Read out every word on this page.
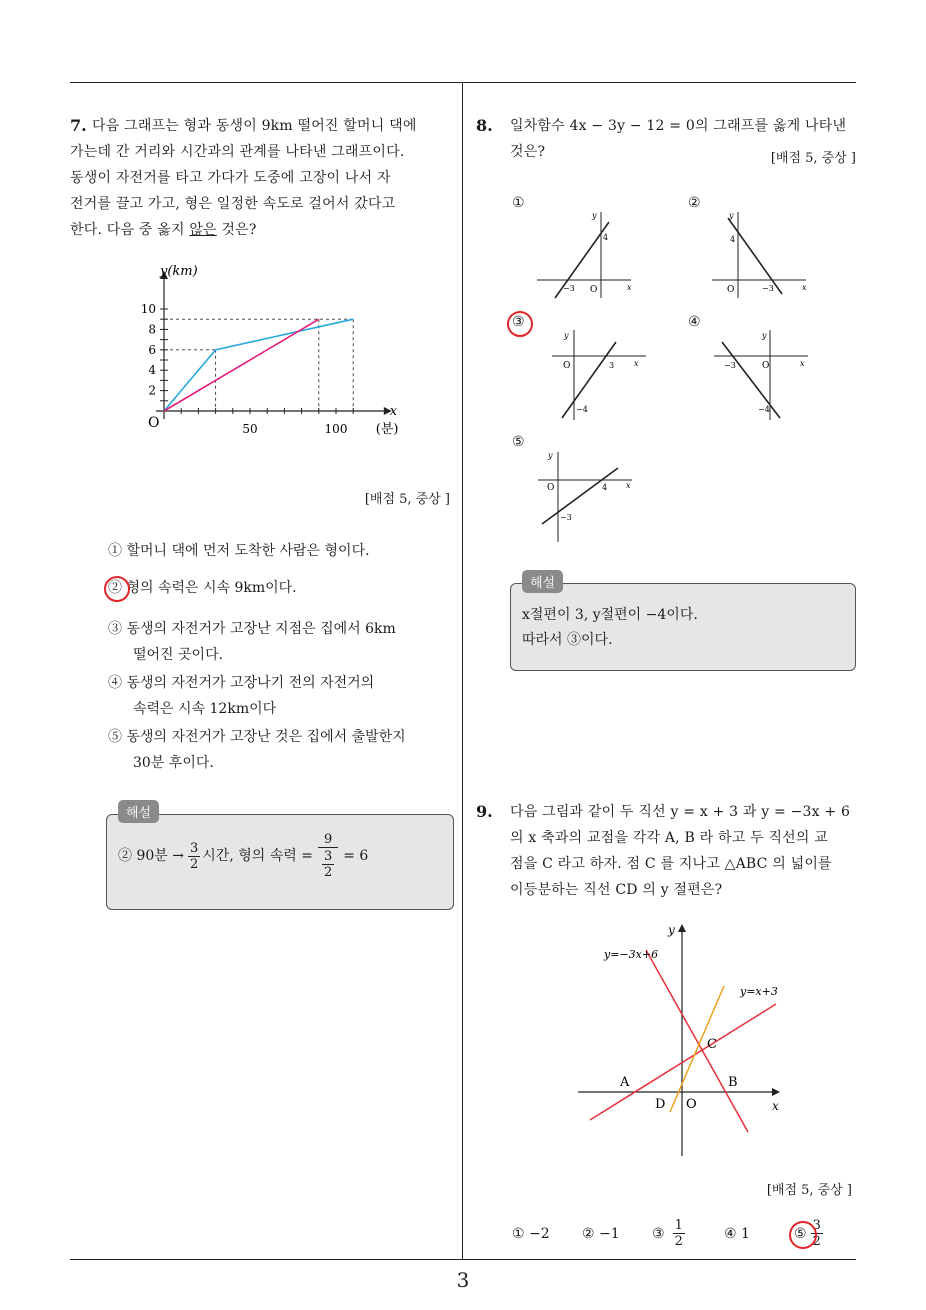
3
7. 다음 그래프는 형과 동생이 9km 떨어진 할머니 댁에
가는데 간 거리와 시간과의 관계를 나타낸 그래프이다.
동생이 자전거를 타고 가다가 도중에 고장이 나서 자
전거를 끌고 가고, 형은 일정한 속도로 걸어서 갔다고
한다. 다음 중 옳지 않은 것은?
2
4
6
8
10
50	100
y(km)
x
(분)
O
[배점 5, 중상 ]
① 할머니 댁에 먼저 도착한 사람은 형이다.
② 형의 속력은 시속 9km이다.
③ 동생의 자전거가 고장난 지점은 집에서 6km
떨어진 곳이다.
④ 동생의 자전거가 고장나기 전의 자전거의
속력은 시속 12km이다
⑤ 동생의 자전거가 고장난 것은 집에서 출발한지
30분 후이다.
해설
② 90분 → $\frac{3}{2}$ 시간, 형의 속력 = $\frac{9}{\frac{3}{2}} = 6$
8. 일차함수 4x − 3y − 12 = 0의 그래프를 옳게 나타낸
것은?	[배점 5, 중상 ]
①	②
③	④
⑤
x
y
−3 O
4
x
y
−3
O
4
x
y
3
O
−4
x
y
−3	O
−4
x
y
4
O
−3
해설
x절편이 3, y절편이 −4이다.
따라서 ③이다.
9. 다음 그림과 같이 두 직선 y = x + 3 과 y = −3x + 6
의 x 축과의 교점을 각각 A, B 라 하고 두 직선의 교
점을 C 라고 하자. 점 C 를 지나고 △ABC 의 넓이를
이등분하는 직선 CD 의 y 절편은?
x
y
O
A	B
C
D
y=−3x+6
y=x+3
[배점 5, 중상 ]
① −2 ② −1 ③ $\frac{1}{2}$	④ 1	⑤ $\frac{3}{2}$
